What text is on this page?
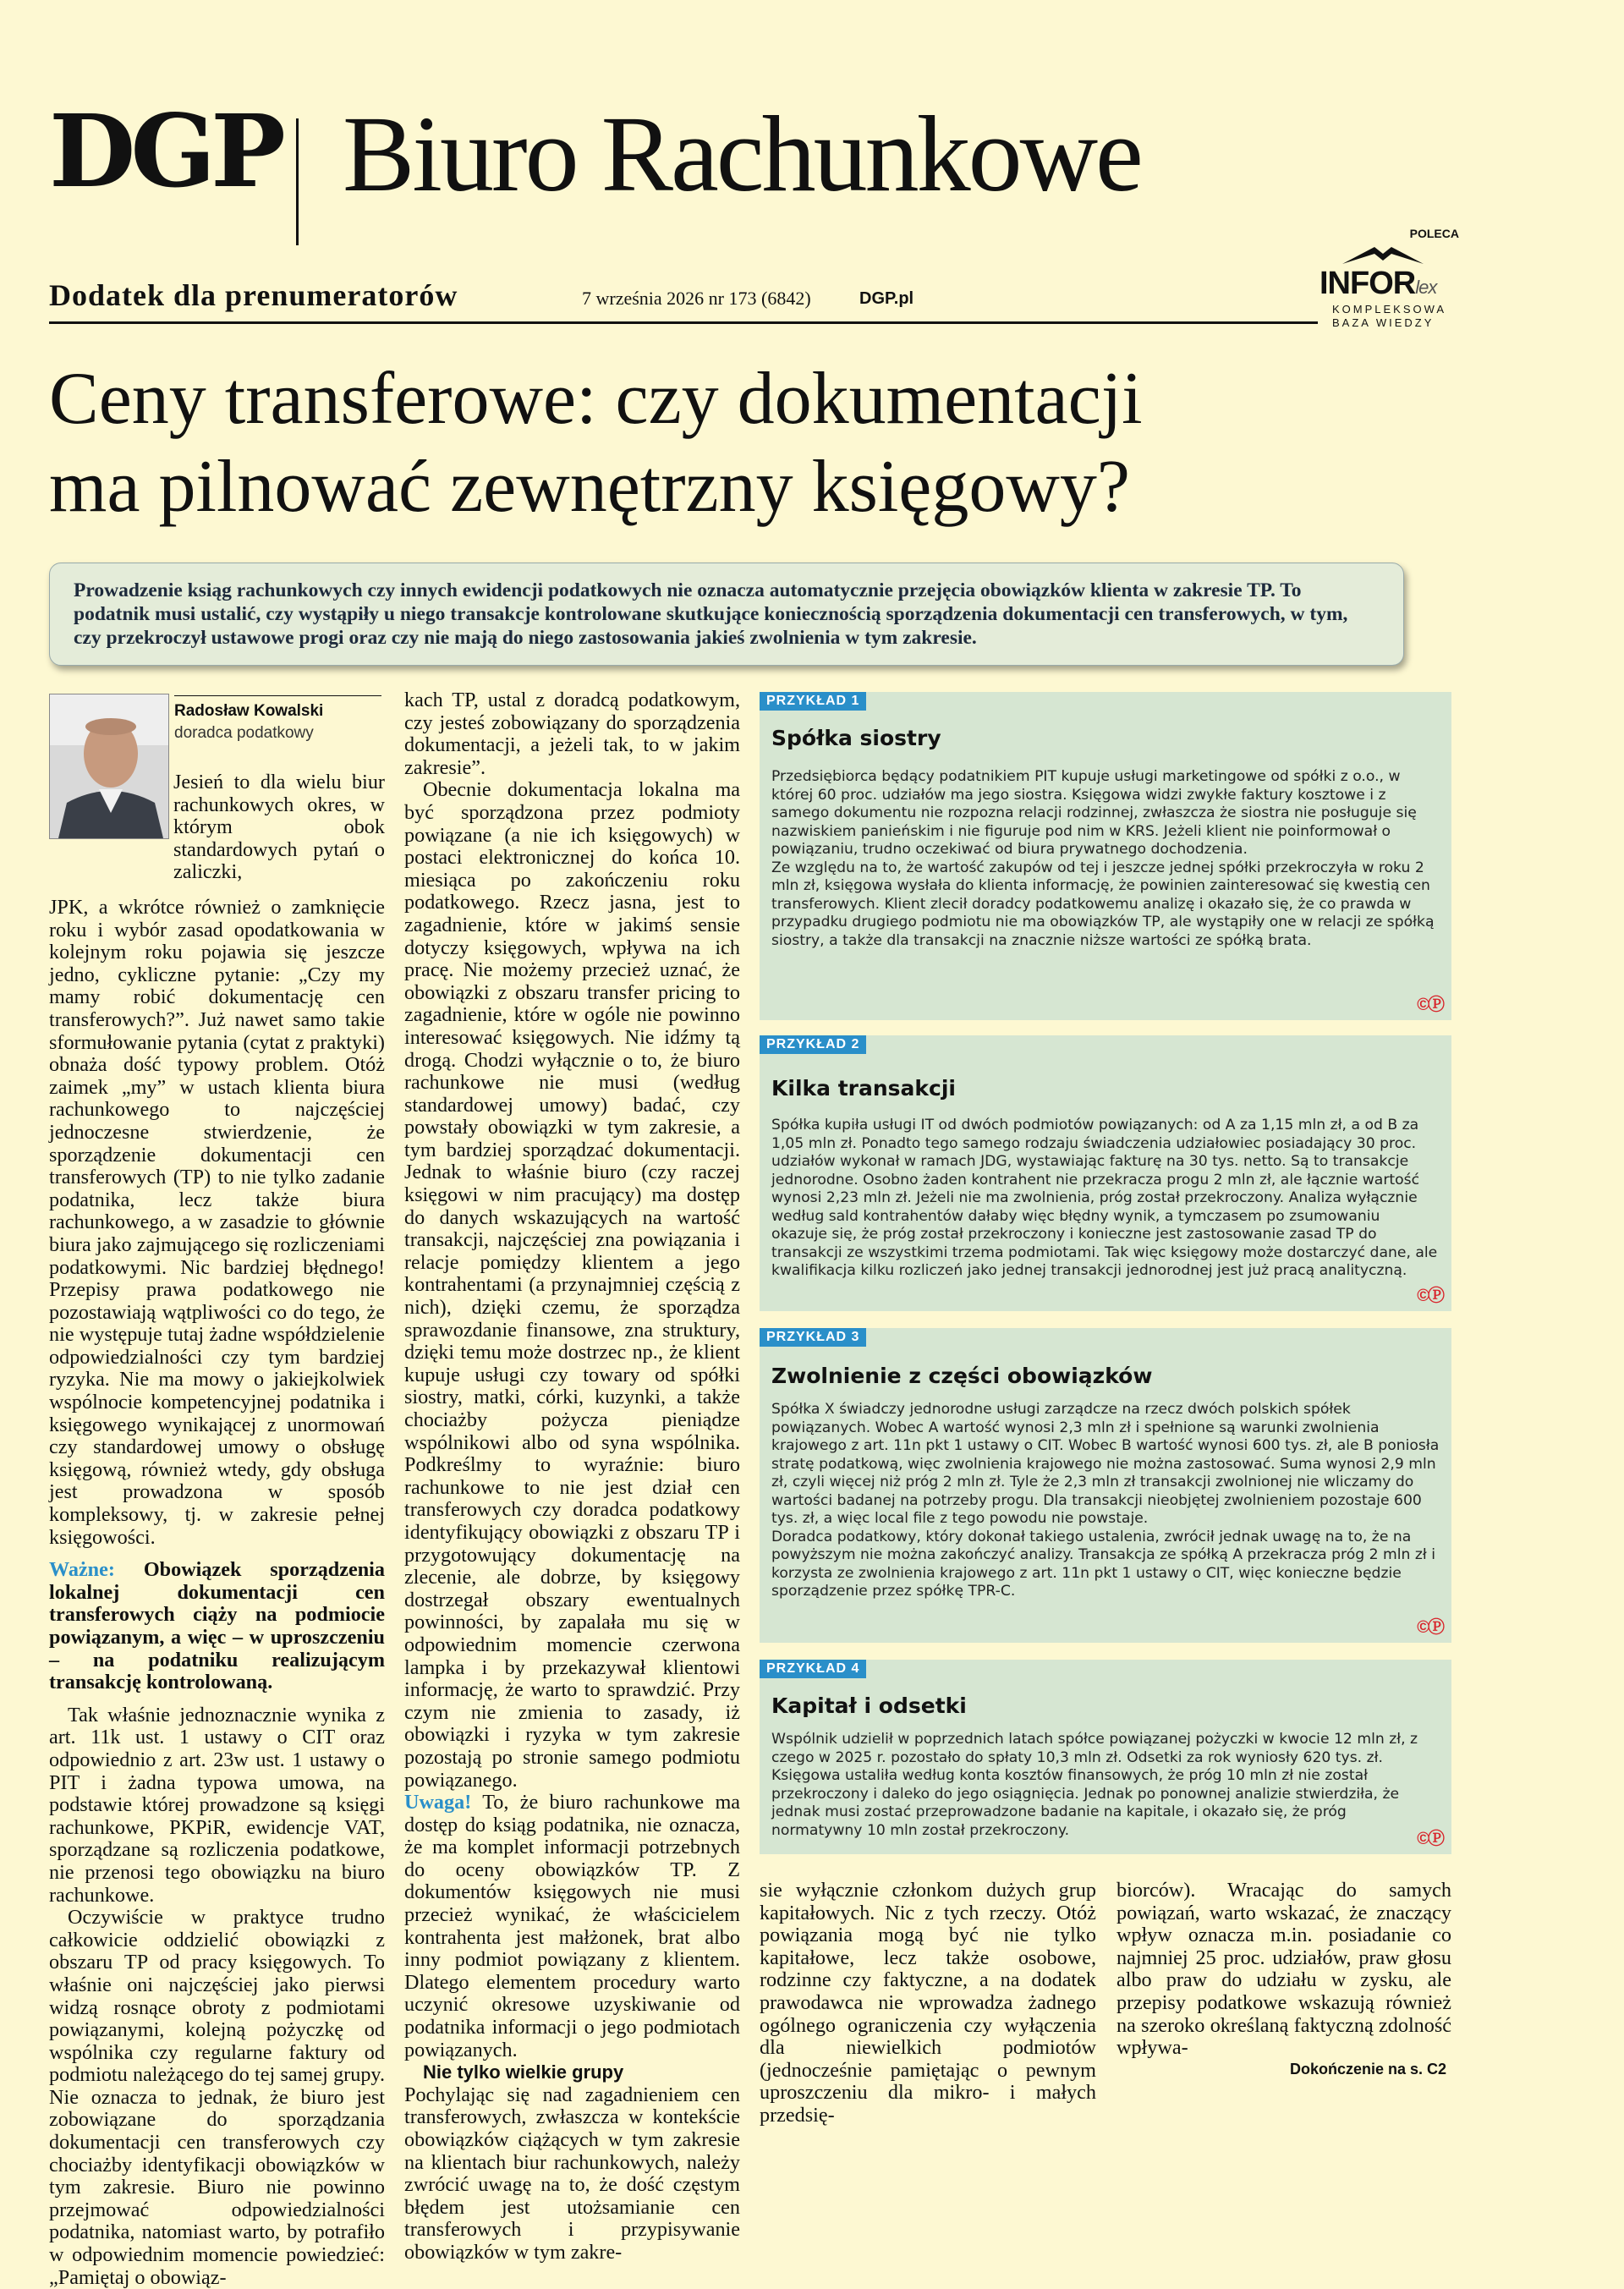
DGP Biuro Rachunkowe
Dodatek dla prenumeratorów	7 września 2026 nr 173 (6842)	DGP.pl
POLECA
INFORlex
KOMPLEKSOWA
BAZA WIEDZY
Ceny transferowe: czy dokumentacji
ma pilnować zewnętrzny księgowy?
Prowadzenie ksiąg rachunkowych czy innych ewidencji podatkowych nie oznacza automatycznie przejęcia obowiązków klienta w zakresie TP. To podatnik musi ustalić, czy wystąpiły u niego transakcje kontrolowane skutkujące koniecznością sporządzenia dokumentacji cen transferowych, w tym, czy przekroczył ustawowe progi oraz czy nie mają do niego zastosowania jakieś zwolnienia w tym zakresie.
Radosław Kowalski
doradca podatkowy

Jesień to dla wielu biur rachunkowych okres, w którym obok standardowych pytań o zaliczki,

JPK, a wkrótce również o zamknięcie roku i wybór zasad opodatkowania w kolejnym roku pojawia się jeszcze jedno, cykliczne pytanie: „Czy my mamy robić dokumentację cen transferowych?”. Już nawet samo takie sformułowanie pytania (cytat z praktyki) obnaża dość typowy problem. Otóż zaimek „my” w ustach klienta biura rachunkowego to najczęściej jednoczesne stwierdzenie, że sporządzenie dokumentacji cen transferowych (TP) to nie tylko zadanie podatnika, lecz także biura rachunkowego, a w zasadzie to głównie biura jako zajmującego się rozliczeniami podatkowymi. Nic bardziej błędnego! Przepisy prawa podatkowego nie pozostawiają wątpliwości co do tego, że nie występuje tutaj żadne współdzielenie odpowiedzialności czy tym bardziej ryzyka. Nie ma mowy o jakiejkolwiek wspólnocie kompetencyjnej podatnika i księgowego wynikającej z unormowań czy standardowej umowy o obsługę księgową, również wtedy, gdy obsługa jest prowadzona w sposób kompleksowy, tj. w zakresie pełnej księgowości.

Ważne: Obowiązek sporządzenia lokalnej dokumentacji cen transferowych ciąży na podmiocie powiązanym, a więc – w uproszczeniu – na podatniku realizującym transakcję kontrolowaną.

Tak właśnie jednoznacznie wynika z art. 11k ust. 1 ustawy o CIT oraz odpowiednio z art. 23w ust. 1 ustawy o PIT i żadna typowa umowa, na podstawie której prowadzone są księgi rachunkowe, PKPiR, ewidencje VAT, sporządzane są rozliczenia podatkowe, nie przenosi tego obowiązku na biuro rachunkowe.

Oczywiście w praktyce trudno całkowicie oddzielić obowiązki z obszaru TP od pracy księgowych. To właśnie oni najczęściej jako pierwsi widzą rosnące obroty z podmiotami powiązanymi, kolejną pożyczkę od wspólnika czy regularne faktury od podmiotu należącego do tej samej grupy. Nie oznacza to jednak, że biuro jest zobowiązane do sporządzania dokumentacji cen transferowych czy chociażby identyfikacji obowiązków w tym zakresie. Biuro nie powinno przejmować odpowiedzialności podatnika, natomiast warto, by potrafiło w odpowiednim momencie powiedzieć: „Pamiętaj o obowiąz-

kach TP, ustal z doradcą podatkowym, czy jesteś zobowiązany do sporządzenia dokumentacji, a jeżeli tak, to w jakim zakresie”.

Obecnie dokumentacja lokalna ma być sporządzona przez podmioty powiązane (a nie ich księgowych) w postaci elektronicznej do końca 10. miesiąca po zakończeniu roku podatkowego. Rzecz jasna, jest to zagadnienie, które w jakimś sensie dotyczy księgowych, wpływa na ich pracę. Nie możemy przecież uznać, że obowiązki z obszaru transfer pricing to zagadnienie, które w ogóle nie powinno interesować księgowych. Nie idźmy tą drogą. Chodzi wyłącznie o to, że biuro rachunkowe nie musi (według standardowej umowy) badać, czy powstały obowiązki w tym zakresie, a tym bardziej sporządzać dokumentacji. Jednak to właśnie biuro (czy raczej księgowi w nim pracujący) ma dostęp do danych wskazujących na wartość transakcji, najczęściej zna powiązania i relacje pomiędzy klientem a jego kontrahentami (a przynajmniej częścią z nich), dzięki czemu, że sporządza sprawozdanie finansowe, zna struktury, dzięki temu może dostrzec np., że klient kupuje usługi czy towary od spółki siostry, matki, córki, kuzynki, a także chociażby pożycza pieniądze wspólnikowi albo od syna wspólnika. Podkreślmy to wyraźnie: biuro rachunkowe to nie jest dział cen transferowych czy doradca podatkowy identyfikujący obowiązki z obszaru TP i przygotowujący dokumentację na zlecenie, ale dobrze, by księgowy dostrzegał obszary ewentualnych powinności, by zapalała mu się w odpowiednim momencie czerwona lampka i by przekazywał klientowi informację, że warto to sprawdzić. Przy czym nie zmienia to zasady, iż obowiązki i ryzyka w tym zakresie pozostają po stronie samego podmiotu powiązanego.

Uwaga! To, że biuro rachunkowe ma dostęp do ksiąg podatnika, nie oznacza, że ma komplet informacji potrzebnych do oceny obowiązków TP. Z dokumentów księgowych nie musi przecież wynikać, że właścicielem kontrahenta jest małżonek, brat albo inny podmiot powiązany z klientem. Dlatego elementem procedury warto uczynić okresowe uzyskiwanie od podatnika informacji o jego podmiotach powiązanych.

Nie tylko wielkie grupy

Pochylając się nad zagadnieniem cen transferowych, zwłaszcza w kontekście obowiązków ciążących w tym zakresie na klientach biur rachunkowych, należy zwrócić uwagę na to, że dość częstym błędem jest utożsamianie cen transferowych i przypisywanie obowiązków w tym zakre-

PRZYKŁAD 1
Spółka siostry

Przedsiębiorca będący podatnikiem PIT kupuje usługi marketingowe od spółki z o.o., w której 60 proc. udziałów ma jego siostra. Księgowa widzi zwykłe faktury kosztowe i z samego dokumentu nie rozpozna relacji rodzinnej, zwłaszcza że siostra nie posługuje się nazwiskiem panieńskim i nie figuruje pod nim w KRS. Jeżeli klient nie poinformował o powiązaniu, trudno oczekiwać od biura prywatnego dochodzenia.

Ze względu na to, że wartość zakupów od tej i jeszcze jednej spółki przekroczyła w roku 2 mln zł, księgowa wysłała do klienta informację, że powinien zainteresować się kwestią cen transferowych. Klient zlecił doradcy podatkowemu analizę i okazało się, że co prawda w przypadku drugiego podmiotu nie ma obowiązków TP, ale wystąpiły one w relacji ze spółką siostry, a także dla transakcji na znacznie niższe wartości ze spółką brata.

©Ⓟ
PRZYKŁAD 2
Kilka transakcji

Spółka kupiła usługi IT od dwóch podmiotów powiązanych: od A za 1,15 mln zł, a od B za 1,05 mln zł. Ponadto tego samego rodzaju świadczenia udziałowiec posiadający 30 proc. udziałów wykonał w ramach JDG, wystawiając fakturę na 30 tys. netto. Są to transakcje jednorodne. Osobno żaden kontrahent nie przekracza progu 2 mln zł, ale łącznie wartość wynosi 2,23 mln zł. Jeżeli nie ma zwolnienia, próg został przekroczony. Analiza wyłącznie według sald kontrahentów dałaby więc błędny wynik, a tymczasem po zsumowaniu okazuje się, że próg został przekroczony i konieczne jest zastosowanie zasad TP do transakcji ze wszystkimi trzema podmiotami. Tak więc księgowy może dostarczyć dane, ale kwalifikacja kilku rozliczeń jako jednej transakcji jednorodnej jest już pracą analityczną.

©Ⓟ
PRZYKŁAD 3
Zwolnienie z części obowiązków

Spółka X świadczy jednorodne usługi zarządcze na rzecz dwóch polskich spółek powiązanych. Wobec A wartość wynosi 2,3 mln zł i spełnione są warunki zwolnienia krajowego z art. 11n pkt 1 ustawy o CIT. Wobec B wartość wynosi 600 tys. zł, ale B poniosła stratę podatkową, więc zwolnienia krajowego nie można zastosować. Suma wynosi 2,9 mln zł, czyli więcej niż próg 2 mln zł. Tyle że 2,3 mln zł transakcji zwolnionej nie wliczamy do wartości badanej na potrzeby progu. Dla transakcji nieobjętej zwolnieniem pozostaje 600 tys. zł, a więc local file z tego powodu nie powstaje.

Doradca podatkowy, który dokonał takiego ustalenia, zwrócił jednak uwagę na to, że na powyższym nie można zakończyć analizy. Transakcja ze spółką A przekracza próg 2 mln zł i korzysta ze zwolnienia krajowego z art. 11n pkt 1 ustawy o CIT, więc konieczne będzie sporządzenie przez spółkę TPR-C.

©Ⓟ
PRZYKŁAD 4
Kapitał i odsetki

Wspólnik udzielił w poprzednich latach spółce powiązanej pożyczki w kwocie 12 mln zł, z czego w 2025 r. pozostało do spłaty 10,3 mln zł. Odsetki za rok wyniosły 620 tys. zł. Księgowa ustaliła według konta kosztów finansowych, że próg 10 mln zł nie został przekroczony i daleko do jego osiągnięcia. Jednak po ponownej analizie stwierdziła, że jednak musi zostać przeprowadzone badanie na kapitale, i okazało się, że próg normatywny 10 mln został przekroczony.	©Ⓟ

sie wyłącznie członkom dużych grup kapitałowych. Nic z tych rzeczy. Otóż powiązania mogą być nie tylko kapitałowe, lecz także osobowe, rodzinne czy faktyczne, a na dodatek prawodawca nie wprowadza żadnego ogólnego ograniczenia czy wyłączenia dla niewielkich podmiotów (jednocześnie pamiętając o pewnym uproszczeniu dla mikro- i małych przedsię-

biorców). Wracając do samych powiązań, warto wskazać, że znaczący wpływ oznacza m.in. posiadanie co najmniej 25 proc. udziałów, praw głosu albo praw do udziału w zysku, ale przepisy podatkowe wskazują również na szeroko określaną faktyczną zdolność wpływa-

Dokończenie na s. C2
